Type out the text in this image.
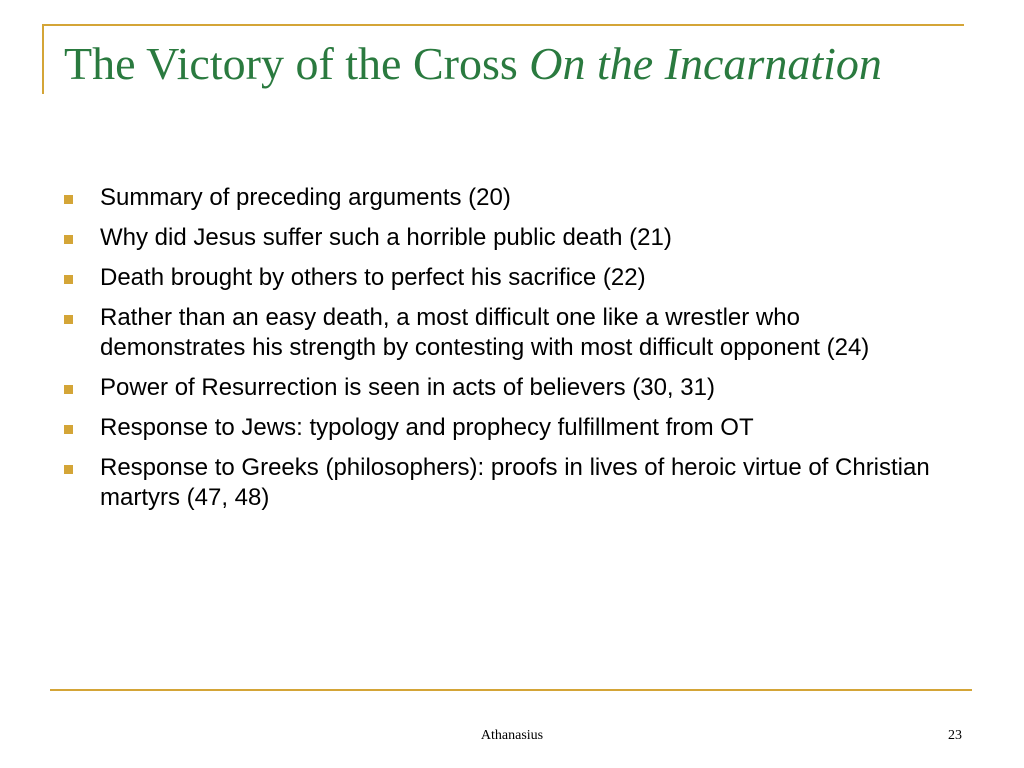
The Victory of the Cross On the Incarnation
Summary of preceding arguments (20)
Why did Jesus suffer such a horrible public death (21)
Death brought by others to perfect his sacrifice (22)
Rather than an easy death, a most difficult one like a wrestler who demonstrates his strength by contesting with most difficult opponent (24)
Power of Resurrection is seen in acts of believers (30, 31)
Response to Jews: typology and prophecy fulfillment from OT
Response to Greeks (philosophers): proofs in lives of heroic virtue of Christian martyrs (47, 48)
Athanasius	23
